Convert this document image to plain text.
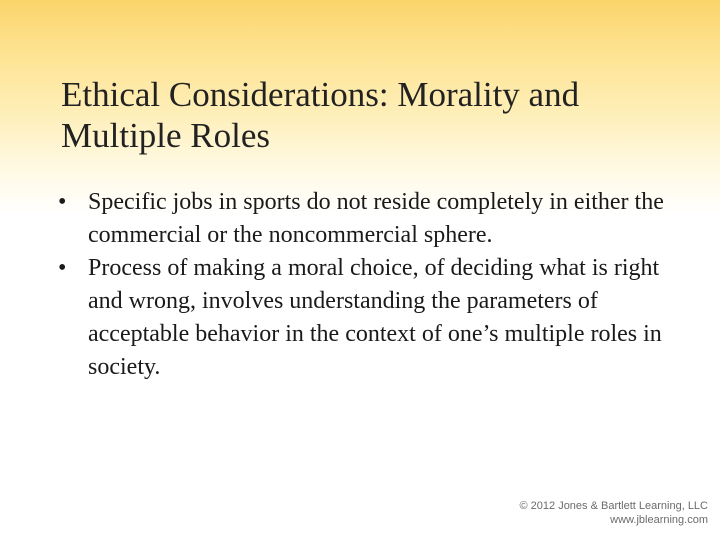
Ethical Considerations: Morality and Multiple Roles
• Specific jobs in sports do not reside completely in either the commercial or the noncommercial sphere.
• Process of making a moral choice, of deciding what is right and wrong, involves understanding the parameters of acceptable behavior in the context of one’s multiple roles in society.
© 2012 Jones & Bartlett Learning, LLC
www.jblearning.com
